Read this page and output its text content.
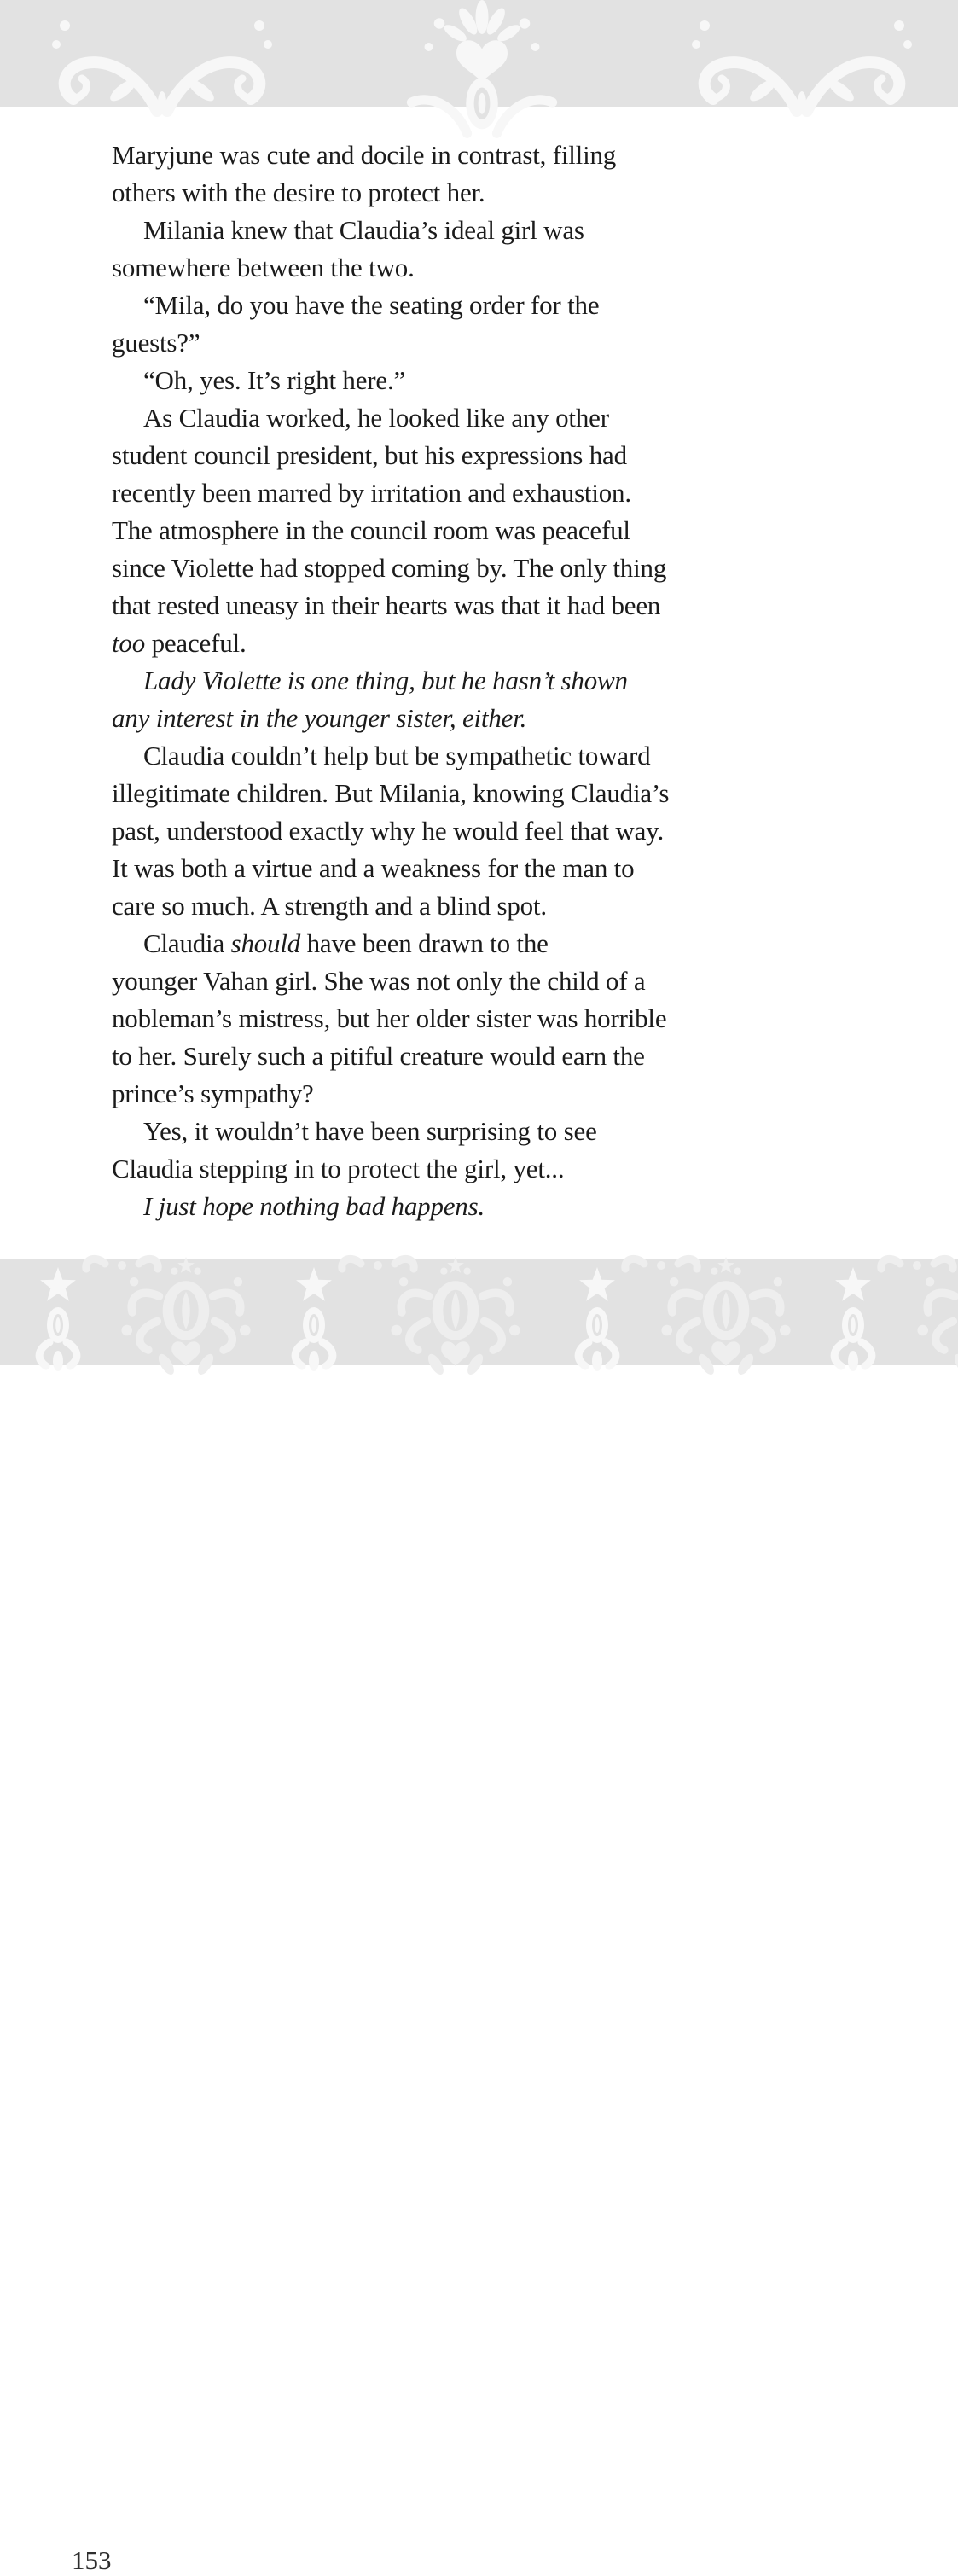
Maryjune was cute and docile in contrast, filling
others with the desire to protect her.
Milania knew that Claudia’s ideal girl was
somewhere between the two.
“Mila, do you have the seating order for the
guests?”
“Oh, yes. It’s right here.”
As Claudia worked, he looked like any other
student council president, but his expressions had
recently been marred by irritation and exhaustion.
The atmosphere in the council room was peaceful
since Violette had stopped coming by. The only thing
that rested uneasy in their hearts was that it had been
too peaceful.
Lady Violette is one thing, but he hasn’t shown
any interest in the younger sister, either.
Claudia couldn’t help but be sympathetic toward
illegitimate children. But Milania, knowing Claudia’s
past, understood exactly why he would feel that way.
It was both a virtue and a weakness for the man to
care so much. A strength and a blind spot.
Claudia should have been drawn to the
younger Vahan girl. She was not only the child of a
nobleman’s mistress, but her older sister was horrible
to her. Surely such a pitiful creature would earn the
prince’s sympathy?
Yes, it wouldn’t have been surprising to see
Claudia stepping in to protect the girl, yet...
I just hope nothing bad happens.
153
